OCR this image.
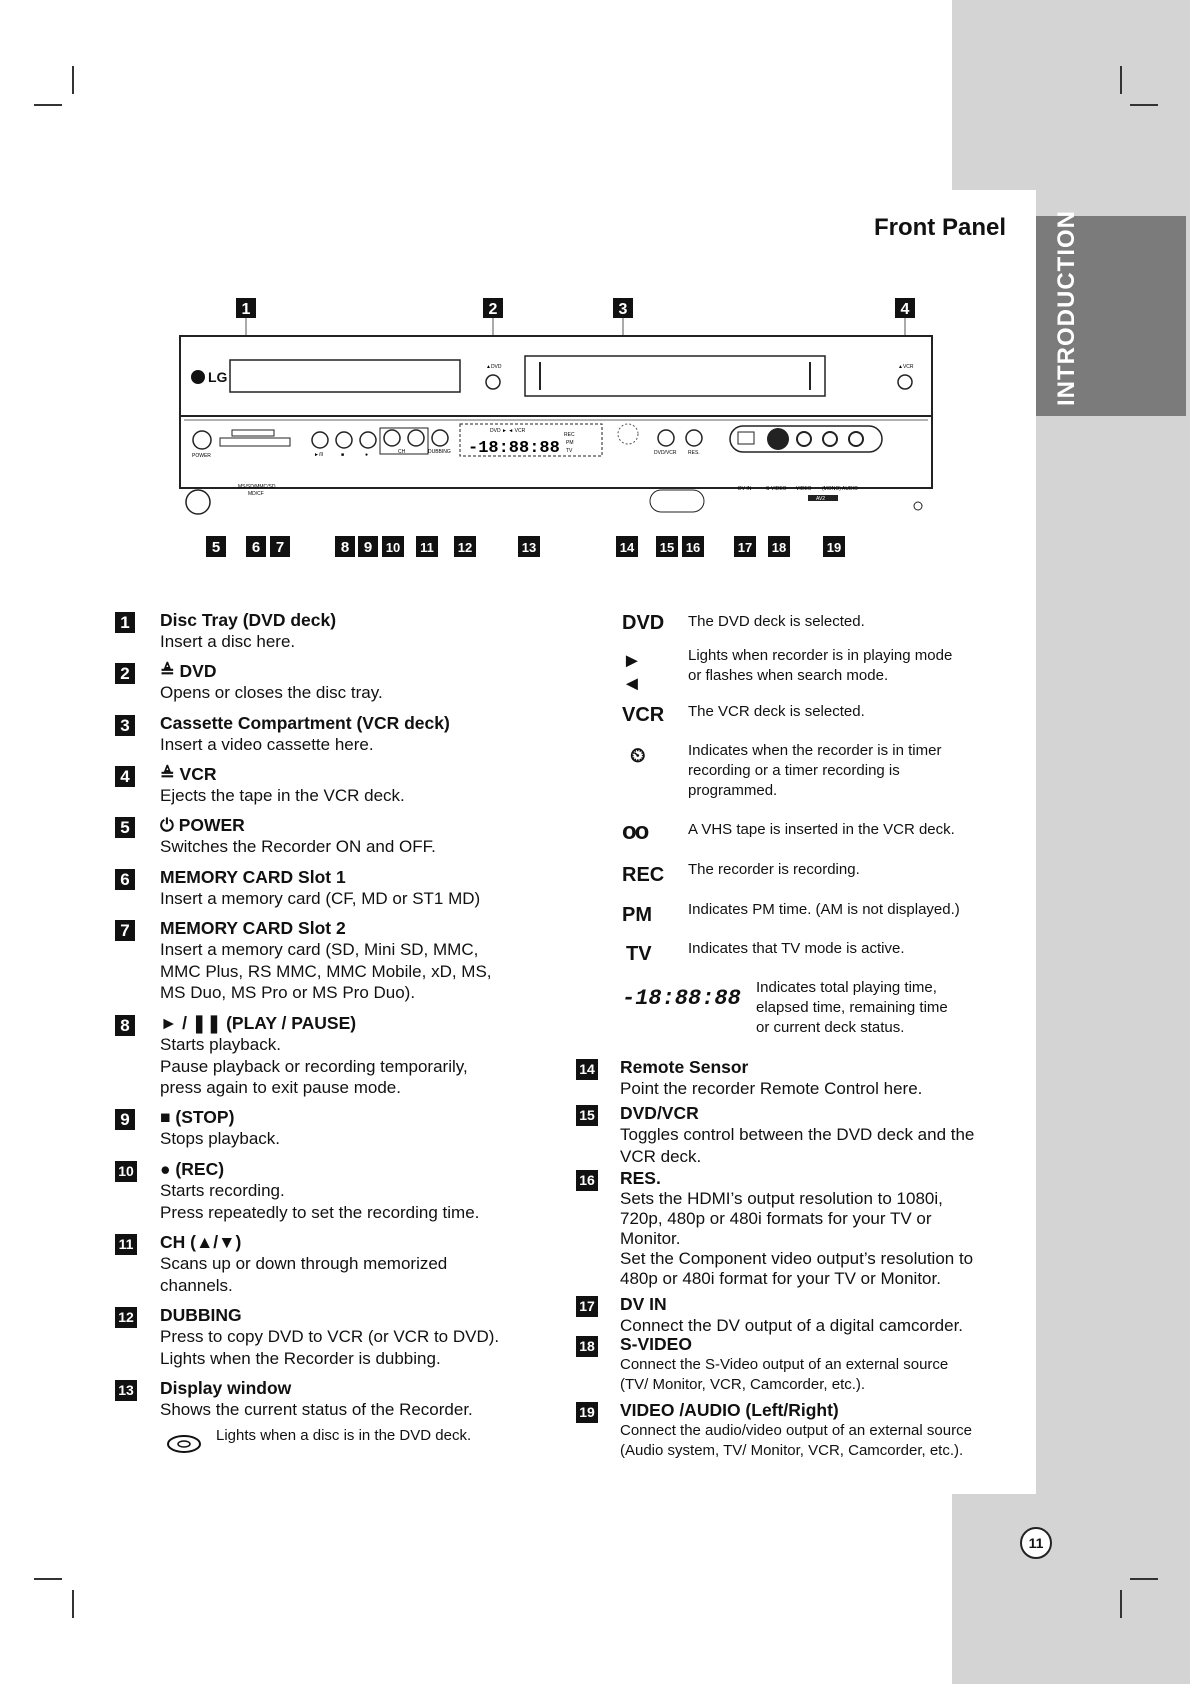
INTRODUCTION
Front Panel
1	2	3	4
LG
▲DVD	▲VCR
POWER
MS/SD/MMC/SD
MD/CF
►/II	■	●	CH	DUBBING
DVD ► ◄ VCR
-18:88:88
REC
PM
TV	DVD/VCR RES.
DV IN	S-VIDEO VIDEO (MONO) AUDIO
AV2
5 6 7	8 9 10 11 12	13	14 15 16	17 18	19
1	Disc Tray (DVD deck)
Insert a disc here.
2	≜ DVD
Opens or closes the disc tray.
3	Cassette Compartment (VCR deck)
Insert a video cassette here.
4	≜ VCR
Ejects the tape in the VCR deck.
5	⏻ POWER
Switches the Recorder ON and OFF.
6	MEMORY CARD Slot 1
Insert a memory card (CF, MD or ST1 MD)
7	MEMORY CARD Slot 2
Insert a memory card (SD, Mini SD, MMC,
MMC Plus, RS MMC, MMC Mobile, xD, MS,
MS Duo, MS Pro or MS Pro Duo).
8	► / ❚❚ (PLAY / PAUSE)
Starts playback.
Pause playback or recording temporarily,
press again to exit pause mode.
9	■ (STOP)
Stops playback.
10 ● (REC)
Starts recording.
Press repeatedly to set the recording time.
11 CH (▲/▼)
Scans up or down through memorized
channels.
12 DUBBING
Press to copy DVD to VCR (or VCR to DVD).
Lights when the Recorder is dubbing.
13 Display window
Shows the current status of the Recorder.
Lights when a disc is in the DVD deck.
DVD The DVD deck is selected.
► ◄
Lights when recorder is in playing mode
or flashes when search mode.
VCR The VCR deck is selected.
⏲	Indicates when the recorder is in timer
recording or a timer recording is
programmed.
oo	A VHS tape is inserted in the VCR deck.
REC The recorder is recording.
PM Indicates PM time. (AM is not displayed.)
TV Indicates that TV mode is active.
-18:88:88 Indicates total playing time,
elapsed time, remaining time
or current deck status.
14 Remote Sensor
Point the recorder Remote Control here.
15 DVD/VCR
Toggles control between the DVD deck and the
VCR deck.
16 RES.
Sets the HDMI’s output resolution to 1080i,
720p, 480p or 480i formats for your TV or
Monitor.
Set the Component video output’s resolution to
480p or 480i format for your TV or Monitor.
17 DV IN
Connect the DV output of a digital camcorder.
18 S-VIDEO
Connect the S-Video output of an external source
(TV/ Monitor, VCR, Camcorder, etc.).
19 VIDEO /AUDIO (Left/Right)
Connect the audio/video output of an external source
(Audio system, TV/ Monitor, VCR, Camcorder, etc.).
11
